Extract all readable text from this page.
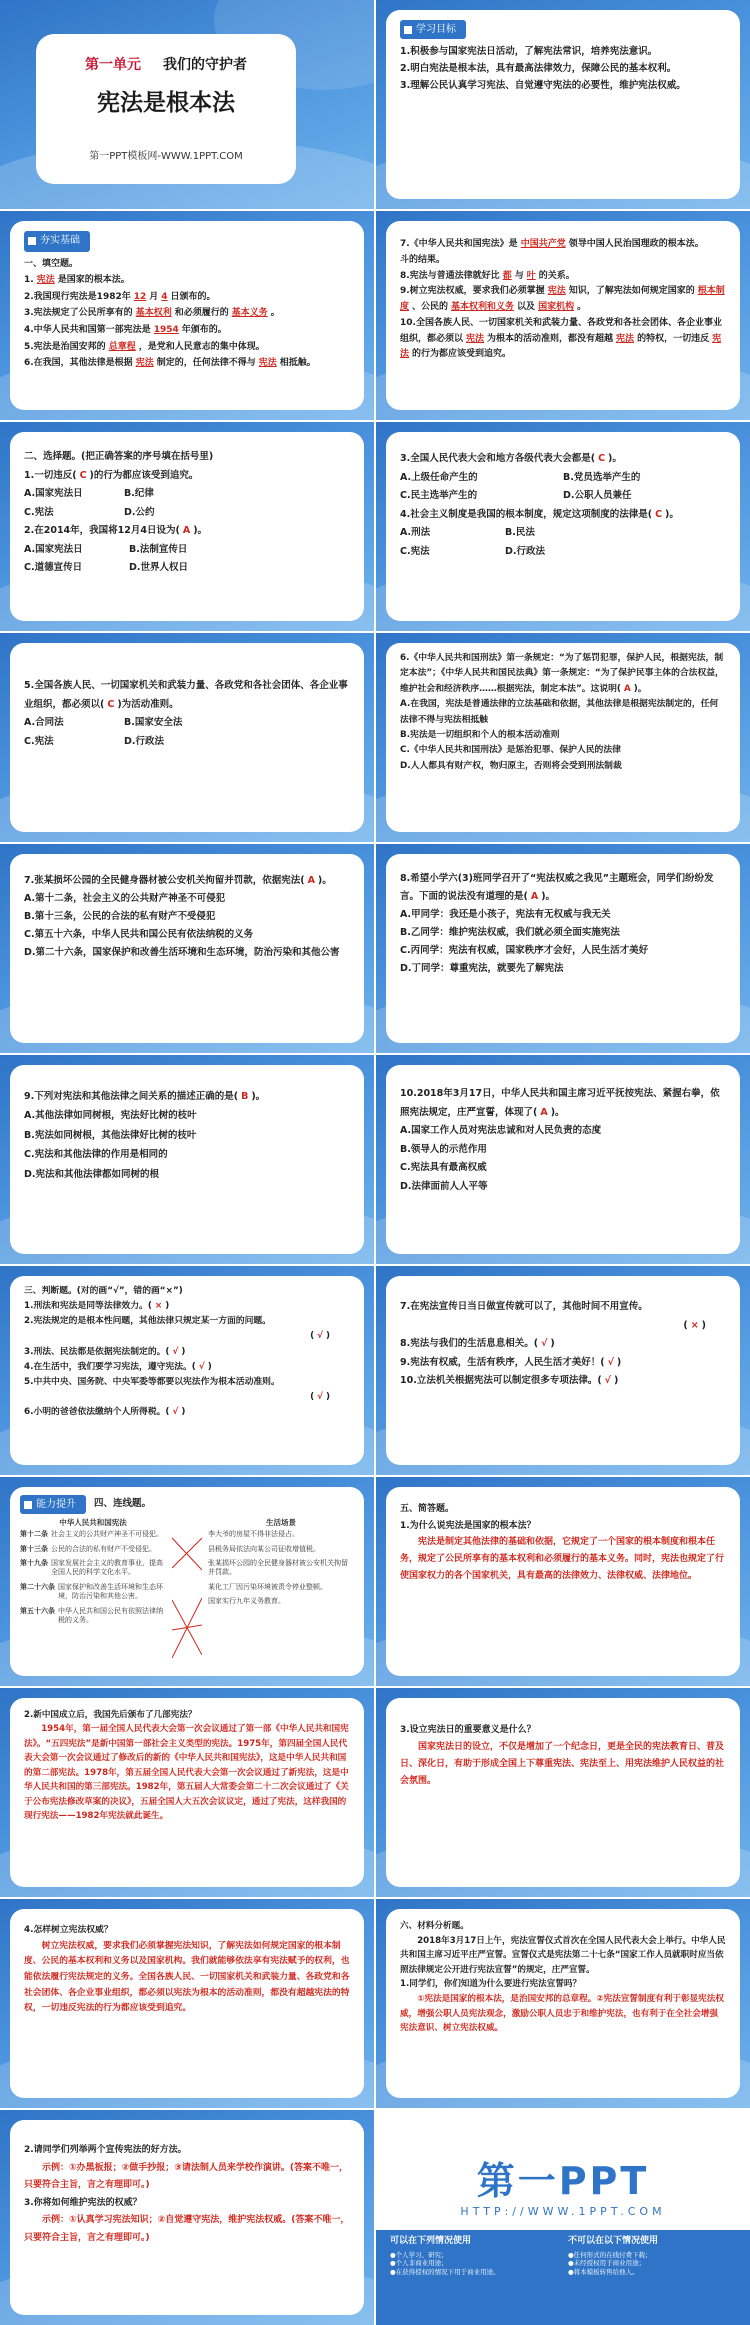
第一单元 我们的守护者
宪法是根本法
第一PPT模板网-WWW.1PPT.COM
学习目标
1.积极参与国家宪法日活动，了解宪法常识，培养宪法意识。
2.明白宪法是根本法，具有最高法律效力，保障公民的基本权利。
3.理解公民认真学习宪法、自觉遵守宪法的必要性，维护宪法权威。
夯实基础
一、填空题。
1. 宪法 是国家的根本法。
2.我国现行宪法是1982年 12 月 4 日颁布的。
3.宪法规定了公民所享有的 基本权利 和必须履行的 基本义务 。
4.中华人民共和国第一部宪法是 1954 年颁布的。
5.宪法是治国安邦的 总章程 ，是党和人民意志的集中体现。
6.在我国，其他法律是根据 宪法 制定的，任何法律不得与 宪法 相抵触。
7.《中华人民共和国宪法》是 中国共产党 领导中国人民治国理政的根本法。
斗的结果。
8.宪法与普通法律就好比 都 与 叶 的关系。
9.树立宪法权威，要求我们必须掌握 宪法 知识，了解宪法如何规定国家的 根本制度 、公民的 基本权利和义务 以及 国家机构 。
10.全国各族人民、一切国家机关和武装力量、各政党和各社会团体、各企业事业组织，都必须以 宪法 为根本的活动准则，都没有超越 宪法 的特权，一切违反 宪法 的行为都应该受到追究。
二、选择题。(把正确答案的序号填在括号里)
1.一切违反( C )的行为都应该受到追究。
A.国家宪法日	B.纪律
C.宪法	D.公约
2.在2014年，我国将12月4日设为( A )。
A.国家宪法日	B.法制宣传日
C.道德宣传日	D.世界人权日
3.全国人民代表大会和地方各级代表大会都是( C )。
A.上级任命产生的	B.党员选举产生的
C.民主选举产生的	D.公职人员兼任
4.社会主义制度是我国的根本制度，规定这项制度的法律是( C )。
A.刑法	B.民法
C.宪法	D.行政法
5.全国各族人民、一切国家机关和武装力量、各政党和各社会团体、各企业事业组织，都必须以( C )为活动准则。
A.合同法	B.国家安全法
C.宪法	D.行政法
6.《中华人民共和国刑法》第一条规定：“为了惩罚犯罪，保护人民，根据宪法，制定本法”；《中华人民共和国民法典》第一条规定：“为了保护民事主体的合法权益，维护社会和经济秩序……根据宪法，制定本法”。这说明( A )。
A.在我国，宪法是普通法律的立法基础和依据，其他法律是根据宪法制定的，任何法律不得与宪法相抵触
B.宪法是一切组织和个人的根本活动准则
C.《中华人民共和国刑法》是惩治犯罪、保护人民的法律
D.人人都具有财产权，物归原主，否则将会受到刑法制裁
7.张某损坏公园的全民健身器材被公安机关拘留并罚款，依据宪法( A )。
A.第十二条，社会主义的公共财产神圣不可侵犯
B.第十三条，公民的合法的私有财产不受侵犯
C.第五十六条，中华人民共和国公民有依法纳税的义务
D.第二十六条，国家保护和改善生活环境和生态环境，防治污染和其他公害
8.希望小学六(3)班同学召开了“宪法权威之我见”主题班会，同学们纷纷发言。下面的说法没有道理的是( A )。
A.甲同学：我还是小孩子，宪法有无权威与我无关
B.乙同学：维护宪法权威，我们就必须全面实施宪法
C.丙同学：宪法有权威，国家秩序才会好，人民生活才美好
D.丁同学：尊重宪法，就要先了解宪法
9.下列对宪法和其他法律之间关系的描述正确的是( B )。
A.其他法律如同树根，宪法好比树的枝叶
B.宪法如同树根，其他法律好比树的枝叶
C.宪法和其他法律的作用是相同的
D.宪法和其他法律都如同树的根
10.2018年3月17日，中华人民共和国主席习近平抚按宪法、紧握右拳，依照宪法规定，庄严宣誓，体现了( A )。
A.国家工作人员对宪法忠诚和对人民负责的态度
B.领导人的示范作用
C.宪法具有最高权威
D.法律面前人人平等
三、判断题。(对的画“√”，错的画“×”)
1.刑法和宪法是同等法律效力。( × )
2.宪法规定的是根本性问题，其他法律只规定某一方面的问题。
( √ )
3.刑法、民法都是依据宪法制定的。( √ )
4.在生活中，我们要学习宪法，遵守宪法。( √ )
5.中共中央、国务院、中央军委等都要以宪法作为根本活动准则。
( √ )
6.小明的爸爸依法缴纳个人所得税。( √ )
7.在宪法宣传日当日做宣传就可以了，其他时间不用宣传。
( × )
8.宪法与我们的生活息息相关。( √ )
9.宪法有权威，生活有秩序，人民生活才美好！( √ )
10.立法机关根据宪法可以制定很多专项法律。( √ )
能力提升 四、连线题。
中华人民共和国宪法
第十二条 社会主义的公共财产神圣不可侵犯。
第十三条 公民的合法的私有财产不受侵犯。
第十九条 国家发展社会主义的教育事业，提高全国人民的科学文化水平。
第二十六条 国家保护和改善生活环境和生态环境，防治污染和其他公害。
第五十六条 中华人民共和国公民有依照法律纳税的义务。
生活场景
李大爷的房屋不得非法侵占。
县税务局依法向某公司征收增值税。
张某损坏公园的全民健身器材被公安机关拘留并罚款。
某化工厂因污染环境被责令停业整顿。
国家实行九年义务教育。
五、简答题。
1.为什么说宪法是国家的根本法？
宪法是制定其他法律的基础和依据，它规定了一个国家的根本制度和根本任务，规定了公民所享有的基本权利和必须履行的基本义务。同时，宪法也规定了行使国家权力的各个国家机关，具有最高的法律效力、法律权威、法律地位。
2.新中国成立后，我国先后颁布了几部宪法？
1954年，第一届全国人民代表大会第一次会议通过了第一部《中华人民共和国宪法》。“五四宪法”是新中国第一部社会主义类型的宪法。1975年，第四届全国人民代表大会第一次会议通过了修改后的新的《中华人民共和国宪法》，这是中华人民共和国的第二部宪法。1978年，第五届全国人民代表大会第一次会议通过了新宪法，这是中华人民共和国的第三部宪法。1982年，第五届人大常委会第二十二次会议通过了《关于公布宪法修改草案的决议》，五届全国人大五次会议议定，通过了宪法，这样我国的现行宪法——1982年宪法就此诞生。
3.设立宪法日的重要意义是什么？
国家宪法日的设立，不仅是增加了一个纪念日，更是全民的宪法教育日、普及日、深化日，有助于形成全国上下尊重宪法、宪法至上、用宪法维护人民权益的社会氛围。
4.怎样树立宪法权威？
树立宪法权威，要求我们必须掌握宪法知识，了解宪法如何规定国家的根本制度、公民的基本权利和义务以及国家机构。我们就能够依法享有宪法赋予的权利，也能依法履行宪法规定的义务。全国各族人民、一切国家机关和武装力量、各政党和各社会团体、各企业事业组织，都必须以宪法为根本的活动准则，都没有超越宪法的特权，一切违反宪法的行为都应该受到追究。
六、材料分析题。
2018年3月17日上午，宪法宣誓仪式首次在全国人民代表大会上举行。中华人民共和国主席习近平庄严宣誓。宣誓仪式是宪法第二十七条“国家工作人员就职时应当依照法律规定公开进行宪法宣誓”的规定，庄严宣誓。
1.同学们，你们知道为什么要进行宪法宣誓吗？
①宪法是国家的根本法，是治国安邦的总章程。②宪法宣誓制度有利于彰显宪法权威，增强公职人员宪法观念，激励公职人员忠于和维护宪法，也有利于在全社会增强宪法意识、树立宪法权威。
2.请同学们列举两个宣传宪法的好方法。
示例：①办黑板报；②做手抄报；③请法制人员来学校作演讲。(答案不唯一，只要符合主旨，言之有理即可。)
3.你将如何维护宪法的权威？
示例：①认真学习宪法知识；②自觉遵守宪法，维护宪法权威。(答案不唯一，只要符合主旨，言之有理即可。)
第一PPT
HTTP://WWW.1PPT.COM
可以在下列情况使用
●个人学习、研究；
●个人非商业用途；
●在获得授权的情况下用于商业用途。
不可以在以下情况使用
●任何形式的在线付费下载；
●未经授权用于商业用途；
●将本模板转售给他人。
